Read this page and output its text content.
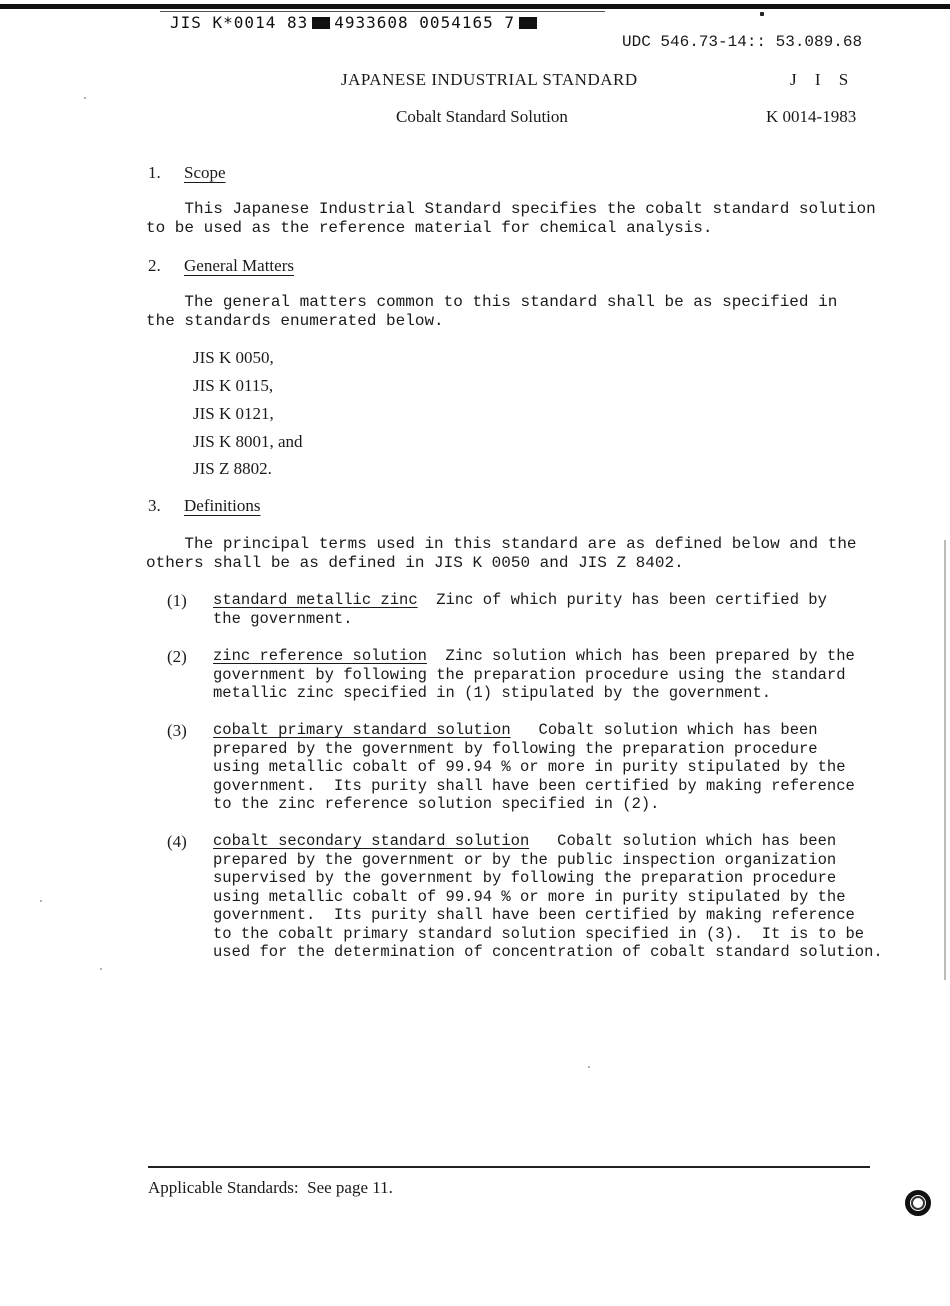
JIS K*0014 83 4933608 0054165 7
UDC 546.73-14:: 53.089.68
JAPANESE INDUSTRIAL STANDARD	J I S
Cobalt Standard Solution	K 0014-1983
1. Scope
This Japanese Industrial Standard specifies the cobalt standard solution
to be used as the reference material for chemical analysis.
2. General Matters
The general matters common to this standard shall be as specified in
the standards enumerated below.
JIS K 0050,
JIS K 0115,
JIS K 0121,
JIS K 8001, and
JIS Z 8802.
3. Definitions
The principal terms used in this standard are as defined below and the
others shall be as defined in JIS K 0050 and JIS Z 8402.
(1) standard metallic zinc  Zinc of which purity has been certified by
the government.
(2) zinc reference solution  Zinc solution which has been prepared by the
government by following the preparation procedure using the standard
metallic zinc specified in (1) stipulated by the government.
(3) cobalt primary standard solution   Cobalt solution which has been
prepared by the government by following the preparation procedure
using metallic cobalt of 99.94 % or more in purity stipulated by the
government.  Its purity shall have been certified by making reference
to the zinc reference solution specified in (2).
(4) cobalt secondary standard solution   Cobalt solution which has been
prepared by the government or by the public inspection organization
supervised by the government by following the preparation procedure
using metallic cobalt of 99.94 % or more in purity stipulated by the
government.  Its purity shall have been certified by making reference
to the cobalt primary standard solution specified in (3).  It is to be
used for the determination of concentration of cobalt standard solution.
Applicable Standards: See page 11.
